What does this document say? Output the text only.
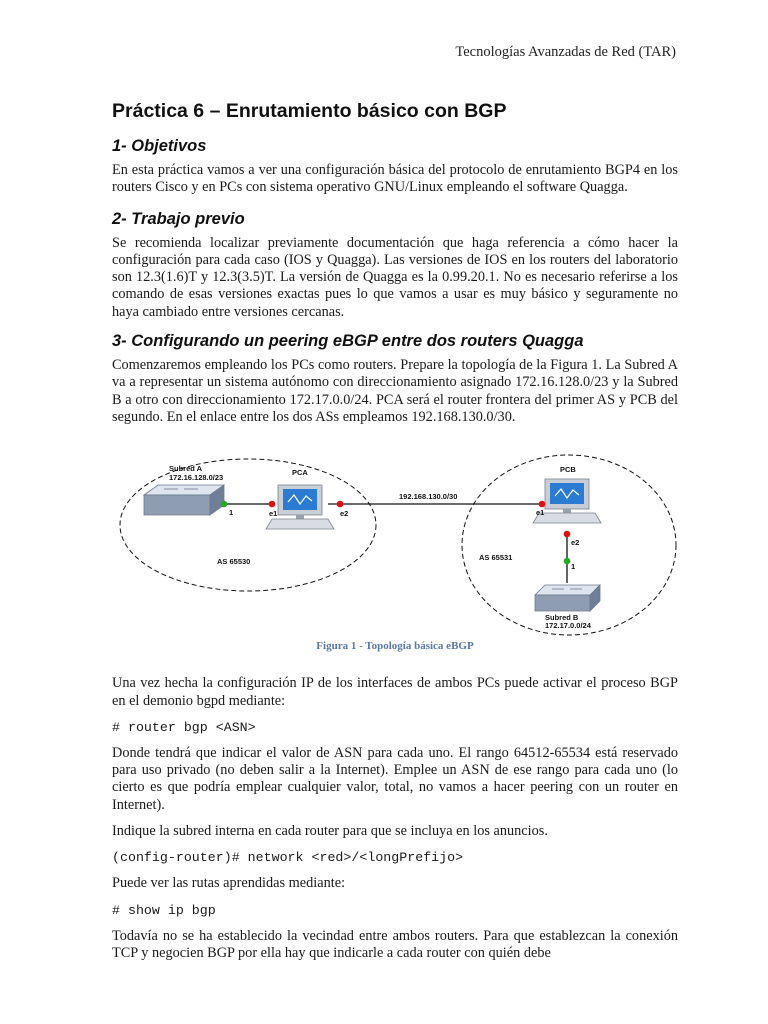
Tecnologías Avanzadas de Red (TAR)
Práctica 6 – Enrutamiento básico con BGP
1- Objetivos

En esta práctica vamos a ver una configuración básica del protocolo de enrutamiento BGP4 en los routers Cisco y en PCs con sistema operativo GNU/Linux empleando el software Quagga.

2- Trabajo previo

Se recomienda localizar previamente documentación que haga referencia a cómo hacer la configuración para cada caso (IOS y Quagga). Las versiones de IOS en los routers del laboratorio son 12.3(1.6)T y 12.3(3.5)T. La versión de Quagga es la 0.99.20.1. No es necesario referirse a los comando de esas versiones exactas pues lo que vamos a usar es muy básico y seguramente no haya cambiado entre versiones cercanas.

3- Configurando un peering eBGP entre dos routers Quagga

Comenzaremos empleando los PCs como routers. Prepare la topología de la Figura 1. La Subred A va a representar un sistema autónomo con direccionamiento asignado 172.16.128.0/23 y la Subred B a otro con direccionamiento 172.17.0.0/24. PCA será el router frontera del primer AS y PCB del segundo. En el enlace entre los dos ASs empleamos 192.168.130.0/30.

Subred A
172.16.128.0/23
PCA
192.168.130.0/30
PCB
1	e1	e2	e1
e2
1
AS 65530	AS 65531
Subred B
172.17.0.0/24
Figura 1 - Topología básica eBGP

Una vez hecha la configuración IP de los interfaces de ambos PCs puede activar el proceso BGP en el demonio bgpd mediante:

# router bgp <ASN>

Donde tendrá que indicar el valor de ASN para cada uno. El rango 64512-65534 está reservado para uso privado (no deben salir a la Internet). Emplee un ASN de ese rango para cada uno (lo cierto es que podría emplear cualquier valor, total, no vamos a hacer peering con un router en Internet).

Indique la subred interna en cada router para que se incluya en los anuncios.

(config-router)# network <red>/<longPrefijo>

Puede ver las rutas aprendidas mediante:

# show ip bgp

Todavía no se ha establecido la vecindad entre ambos routers. Para que establezcan la conexión TCP y negocien BGP por ella hay que indicarle a cada router con quién debe
